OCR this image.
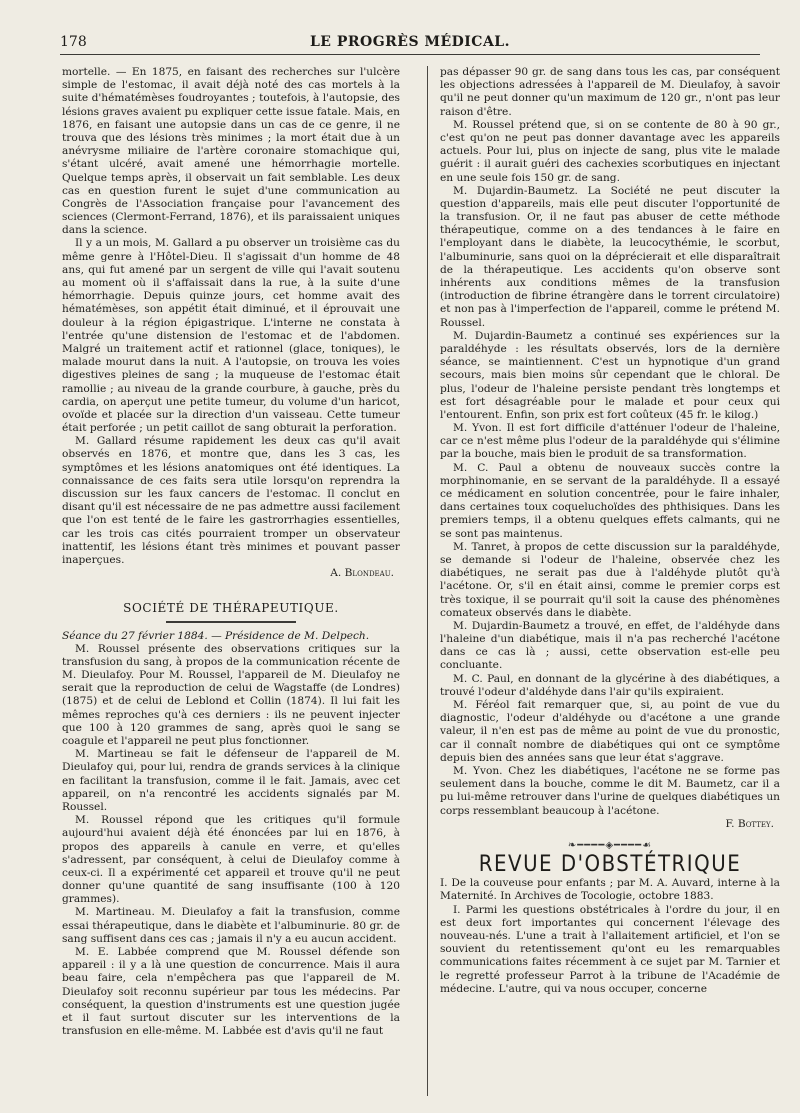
178	LE PROGRÈS MÉDICAL.

mortelle. — En 1875, en faisant des recherches sur l'ulcère simple de l'estomac, il avait déjà noté des cas mortels à la suite d'hématémèses foudroyantes ; toutefois, à l'autopsie, des lésions graves avaient pu expliquer cette issue fatale. Mais, en 1876, en faisant une autopsie dans un cas de ce genre, il ne trouva que des lésions très minimes ; la mort était due à un anévrysme miliaire de l'artère coronaire stomachique qui, s'étant ulcéré, avait amené une hémorrhagie mortelle. Quelque temps après, il observait un fait semblable. Les deux cas en question furent le sujet d'une communication au Congrès de l'Association française pour l'avancement des sciences (Clermont-Ferrand, 1876), et ils paraissaient uniques dans la science.

Il y a un mois, M. Gallard a pu observer un troisième cas du même genre à l'Hôtel-Dieu. Il s'agissait d'un homme de 48 ans, qui fut amené par un sergent de ville qui l'avait soutenu au moment où il s'affaissait dans la rue, à la suite d'une hémorrhagie. Depuis quinze jours, cet homme avait des hématémèses, son appétit était diminué, et il éprouvait une douleur à la région épigastrique. L'interne ne constata à l'entrée qu'une distension de l'estomac et de l'abdomen. Malgré un traitement actif et rationnel (glace, toniques), le malade mourut dans la nuit. A l'autopsie, on trouva les voies digestives pleines de sang ; la muqueuse de l'estomac était ramollie ; au niveau de la grande courbure, à gauche, près du cardia, on aperçut une petite tumeur, du volume d'un haricot, ovoïde et placée sur la direction d'un vaisseau. Cette tumeur était perforée ; un petit caillot de sang obturait la perforation.

M. Gallard résume rapidement les deux cas qu'il avait observés en 1876, et montre que, dans les 3 cas, les symptômes et les lésions anatomiques ont été identiques. La connaissance de ces faits sera utile lorsqu'on reprendra la discussion sur les faux cancers de l'estomac. Il conclut en disant qu'il est nécessaire de ne pas admettre aussi facilement que l'on est tenté de le faire les gastrorrhagies essentielles, car les trois cas cités pourraient tromper un observateur inattentif, les lésions étant très minimes et pouvant passer inaperçues.

A. Blondeau.
SOCIÉTÉ DE THÉRAPEUTIQUE.

Séance du 27 février 1884. — Présidence de M. Delpech.

M. Roussel présente des observations critiques sur la transfusion du sang, à propos de la communication récente de M. Dieulafoy. Pour M. Roussel, l'appareil de M. Dieulafoy ne serait que la reproduction de celui de Wagstaffe (de Londres) (1875) et de celui de Leblond et Collin (1874). Il lui fait les mêmes reproches qu'à ces derniers : ils ne peuvent injecter que 100 à 120 grammes de sang, après quoi le sang se coagule et l'appareil ne peut plus fonctionner.

M. Martineau se fait le défenseur de l'appareil de M. Dieulafoy qui, pour lui, rendra de grands services à la clinique en facilitant la transfusion, comme il le fait. Jamais, avec cet appareil, on n'a rencontré les accidents signalés par M. Roussel.

M. Roussel répond que les critiques qu'il formule aujourd'hui avaient déjà été énoncées par lui en 1876, à propos des appareils à canule en verre, et qu'elles s'adressent, par conséquent, à celui de Dieulafoy comme à ceux-ci. Il a expérimenté cet appareil et trouve qu'il ne peut donner qu'une quantité de sang insuffisante (100 à 120 grammes).

M. Martineau. M. Dieulafoy a fait la transfusion, comme essai thérapeutique, dans le diabète et l'albuminurie. 80 gr. de sang suffisent dans ces cas ; jamais il n'y a eu aucun accident.

M. E. Labbée comprend que M. Roussel défende son appareil : il y a là une question de concurrence. Mais il aura beau faire, cela n'empêchera pas que l'appareil de M. Dieulafoy soit reconnu supérieur par tous les médecins. Par conséquent, la question d'instruments est une question jugée et il faut surtout discuter sur les interventions de la transfusion en elle-même. M. Labbée est d'avis qu'il ne faut

pas dépasser 90 gr. de sang dans tous les cas, par conséquent les objections adressées à l'appareil de M. Dieulafoy, à savoir qu'il ne peut donner qu'un maximum de 120 gr., n'ont pas leur raison d'être.

M. Roussel prétend que, si on se contente de 80 à 90 gr., c'est qu'on ne peut pas donner davantage avec les appareils actuels. Pour lui, plus on injecte de sang, plus vite le malade guérit : il aurait guéri des cachexies scorbutiques en injectant en une seule fois 150 gr. de sang.

M. Dujardin-Baumetz. La Société ne peut discuter la question d'appareils, mais elle peut discuter l'opportunité de la transfusion. Or, il ne faut pas abuser de cette méthode thérapeutique, comme on a des tendances à le faire en l'employant dans le diabète, la leucocythémie, le scorbut, l'albuminurie, sans quoi on la déprécierait et elle disparaîtrait de la thérapeutique. Les accidents qu'on observe sont inhérents aux conditions mêmes de la transfusion (introduction de fibrine étrangère dans le torrent circulatoire) et non pas à l'imperfection de l'appareil, comme le prétend M. Roussel.

M. Dujardin-Baumetz a continué ses expériences sur la paraldéhyde : les résultats observés, lors de la dernière séance, se maintiennent. C'est un hypnotique d'un grand secours, mais bien moins sûr cependant que le chloral. De plus, l'odeur de l'haleine persiste pendant très longtemps et est fort désagréable pour le malade et pour ceux qui l'entourent. Enfin, son prix est fort coûteux (45 fr. le kilog.)

M. Yvon. Il est fort difficile d'atténuer l'odeur de l'haleine, car ce n'est même plus l'odeur de la paraldéhyde qui s'élimine par la bouche, mais bien le produit de sa transformation.

M. C. Paul a obtenu de nouveaux succès contre la morphinomanie, en se servant de la paraldéhyde. Il a essayé ce médicament en solution concentrée, pour le faire inhaler, dans certaines toux coqueluchoïdes des phthisiques. Dans les premiers temps, il a obtenu quelques effets calmants, qui ne se sont pas maintenus.

M. Tanret, à propos de cette discussion sur la paraldéhyde, se demande si l'odeur de l'haleine, observée chez les diabétiques, ne serait pas due à l'aldéhyde plutôt qu'à l'acétone. Or, s'il en était ainsi, comme le premier corps est très toxique, il se pourrait qu'il soit la cause des phénomènes comateux observés dans le diabète.

M. Dujardin-Baumetz a trouvé, en effet, de l'aldéhyde dans l'haleine d'un diabétique, mais il n'a pas recherché l'acétone dans ce cas là ; aussi, cette observation est-elle peu concluante.

M. C. Paul, en donnant de la glycérine à des diabétiques, a trouvé l'odeur d'aldéhyde dans l'air qu'ils expiraient.

M. Féréol fait remarquer que, si, au point de vue du diagnostic, l'odeur d'aldéhyde ou d'acétone a une grande valeur, il n'en est pas de même au point de vue du pronostic, car il connaît nombre de diabétiques qui ont ce symptôme depuis bien des années sans que leur état s'aggrave.

M. Yvon. Chez les diabétiques, l'acétone ne se forme pas seulement dans la bouche, comme le dit M. Baumetz, car il a pu lui-même retrouver dans l'urine de quelques diabétiques un corps ressemblant beaucoup à l'acétone.

F. Bottey.
❧━━━━◈━━━━☙
REVUE D'OBSTÉTRIQUE

I. De la couveuse pour enfants ; par M. A. Auvard, interne à la Maternité. In Archives de Tocologie, octobre 1883.

I. Parmi les questions obstétricales à l'ordre du jour, il en est deux fort importantes qui concernent l'élevage des nouveau-nés. L'une a trait à l'allaitement artificiel, et l'on se souvient du retentissement qu'ont eu les remarquables communications faites récemment à ce sujet par M. Tarnier et le regretté professeur Parrot à la tribune de l'Académie de médecine. L'autre, qui va nous occuper, concerne
